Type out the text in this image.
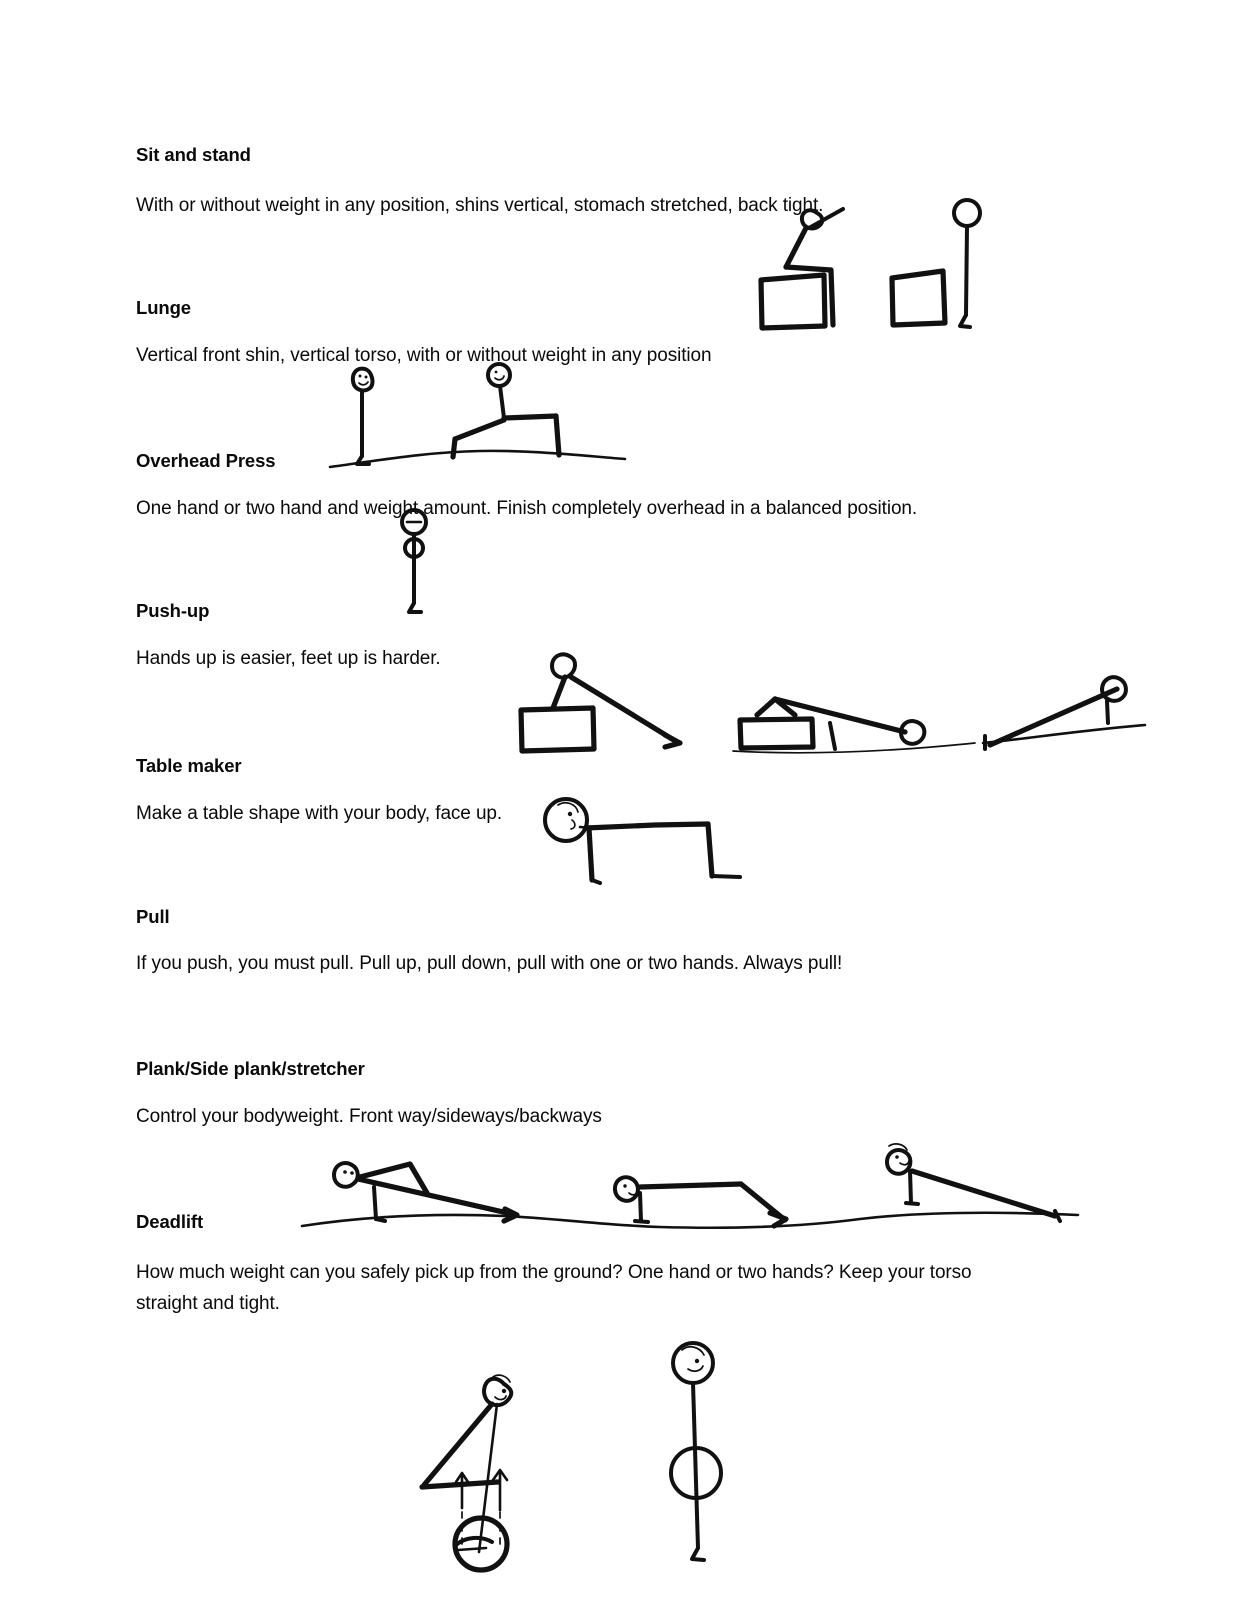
Sit and stand
With or without weight in any position, shins vertical, stomach stretched, back tight.
Lunge
Vertical front shin, vertical torso, with or without weight in any position
Overhead Press
One hand or two hand and weight amount. Finish completely overhead in a balanced position.
Push-up
Hands up is easier, feet up is harder.
Table maker
Make a table shape with your body, face up.
Pull
If you push, you must pull. Pull up, pull down, pull with one or two hands. Always pull!
Plank/Side plank/stretcher
Control your bodyweight. Front way/sideways/backways
Deadlift
How much weight can you safely pick up from the ground? One hand or two hands? Keep your torso
straight and tight.
